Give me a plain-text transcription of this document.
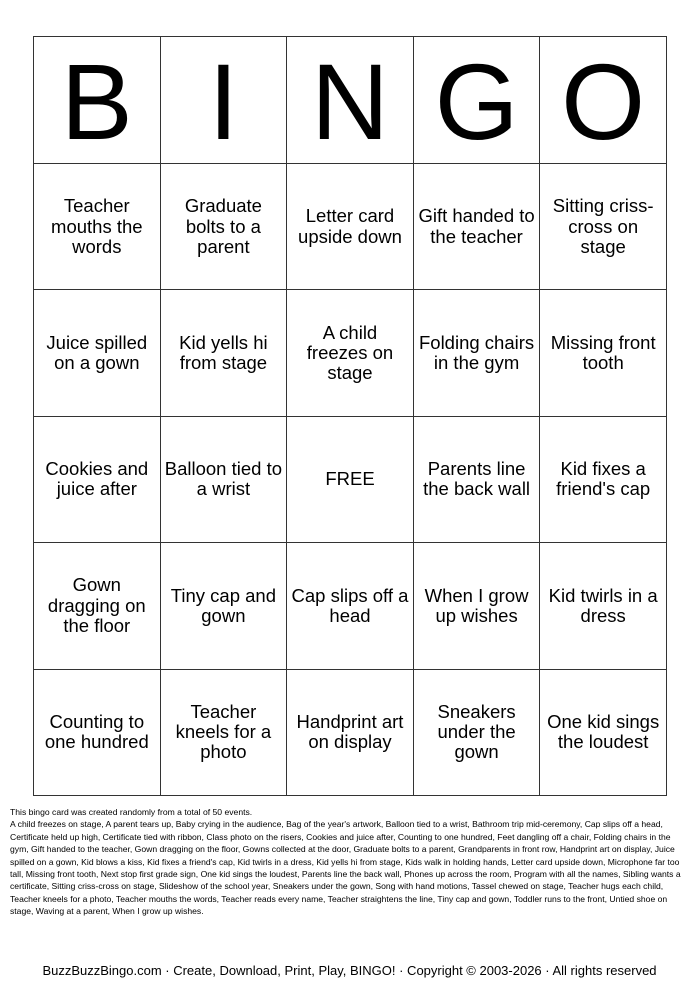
B	I	N	G	O
Teacher mouths the words	Graduate bolts to a parent	Letter card upside down	Gift handed to the teacher	Sitting criss-cross on stage
Juice spilled on a gown	Kid yells hi from stage	A child freezes on stage	Folding chairs in the gym	Missing front tooth
Cookies and juice after	Balloon tied to a wrist	FREE	Parents line the back wall	Kid fixes a friend's cap
Gown dragging on the floor	Tiny cap and gown	Cap slips off a head	When I grow up wishes	Kid twirls in a dress
Counting to one hundred	Teacher kneels for a photo	Handprint art on display	Sneakers under the gown	One kid sings the loudest
This bingo card was created randomly from a total of 50 events.
A child freezes on stage, A parent tears up, Baby crying in the audience, Bag of the year's artwork, Balloon tied to a wrist, Bathroom trip mid-ceremony, Cap slips off a head, Certificate held up high, Certificate tied with ribbon, Class photo on the risers, Cookies and juice after, Counting to one hundred, Feet dangling off a chair, Folding chairs in the gym, Gift handed to the teacher, Gown dragging on the floor, Gowns collected at the door, Graduate bolts to a parent, Grandparents in front row, Handprint art on display, Juice spilled on a gown, Kid blows a kiss, Kid fixes a friend's cap, Kid twirls in a dress, Kid yells hi from stage, Kids walk in holding hands, Letter card upside down, Microphone far too tall, Missing front tooth, Next stop first grade sign, One kid sings the loudest, Parents line the back wall, Phones up across the room, Program with all the names, Sibling wants a certificate, Sitting criss-cross on stage, Slideshow of the school year, Sneakers under the gown, Song with hand motions, Tassel chewed on stage, Teacher hugs each child, Teacher kneels for a photo, Teacher mouths the words, Teacher reads every name, Teacher straightens the line, Tiny cap and gown, Toddler runs to the front, Untied shoe on stage, Waving at a parent, When I grow up wishes.
BuzzBuzzBingo.com · Create, Download, Print, Play, BINGO! · Copyright © 2003-2026 · All rights reserved
